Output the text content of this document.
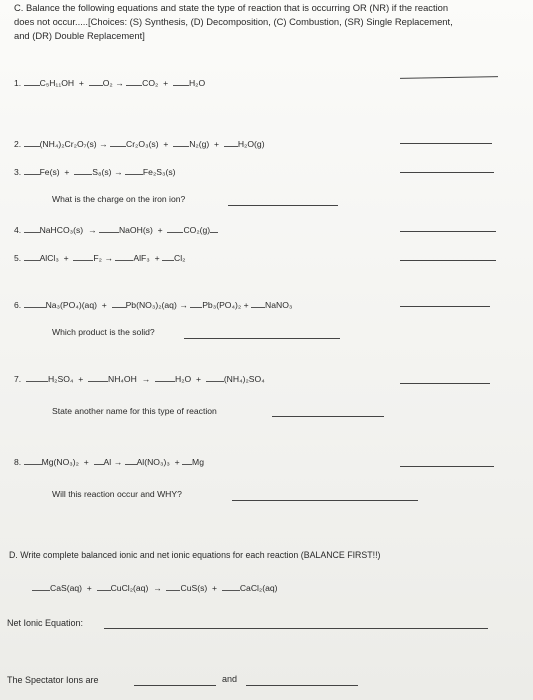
C. Balance the following equations and state the type of reaction that is occurring OR (NR) if the reaction
does not occur.....[Choices: (S) Synthesis, (D) Decomposition, (C) Combustion, (SR) Single Replacement,
and (DR) Double Replacement]
1. C₅H₁₁OH + O₂ → CO₂ + H₂O
2. (NH₄)₂Cr₂O₇(s) → Cr₂O₃(s) + N₂(g) + H₂O(g)
3. Fe(s) +	S₈(s) → Fe₂S₃(s)
What is the charge on the iron ion?
4. NaHCO₃(s) →	NaOH(s) + CO₂(g)
5. AlCl₃ +	F₂ → AlF₃ + Cl₂
6.	Na₃(PO₄)(aq) + Pb(NO₃)₂(aq) → Pb₃(PO₄)₂ + NaNO₃
Which product is the solid?
7.	H₂SO₄ +	NH₄OH →	H₂O +	(NH₄)₂SO₄
State another name for this type of reaction
8. Mg(NO₃)₂ + Al → Al(NO₃)₃ + Mg
Will this reaction occur and WHY?
D. Write complete balanced ionic and net ionic equations for each reaction (BALANCE FIRST!!)
CaS(aq) + CuCl₂(aq) → CuS(s) +	CaCl₂(aq)
Net Ionic Equation:
The Spectator Ions are	and
